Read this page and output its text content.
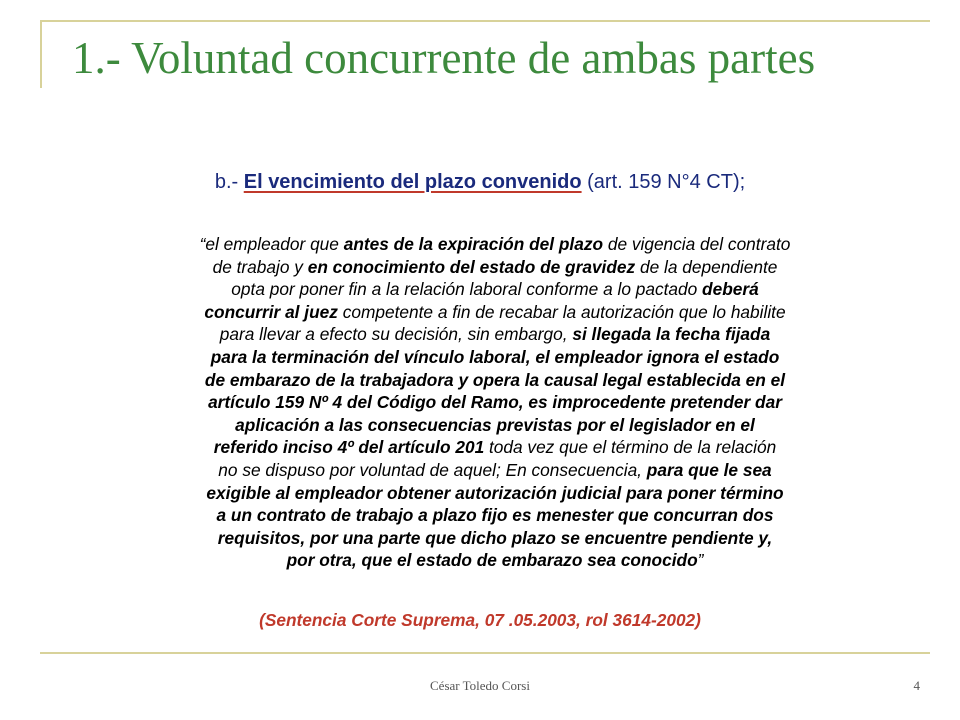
1.- Voluntad concurrente de ambas partes

b.- El vencimiento del plazo convenido (art. 159 N°4 CT);

“el empleador que antes de la expiración del plazo de vigencia del contrato
de trabajo y en conocimiento del estado de gravidez de la dependiente
opta por poner fin a la relación laboral conforme a lo pactado deberá
concurrir al juez competente a fin de recabar la autorización que lo habilite
para llevar a efecto su decisión, sin embargo, si llegada la fecha fijada
para la terminación del vínculo laboral, el empleador ignora el estado
de embarazo de la trabajadora y opera la causal legal establecida en el
artículo 159 Nº 4 del Código del Ramo, es improcedente pretender dar
aplicación a las consecuencias previstas por el legislador en el
referido inciso 4º del artículo 201 toda vez que el término de la relación
no se dispuso por voluntad de aquel; En consecuencia, para que le sea
exigible al empleador obtener autorización judicial para poner término
a un contrato de trabajo a plazo fijo es menester que concurran dos
requisitos, por una parte que dicho plazo se encuentre pendiente y,
por otra, que el estado de embarazo sea conocido”

(Sentencia Corte Suprema, 07 .05.2003, rol 3614-2002)

César Toledo Corsi	4
